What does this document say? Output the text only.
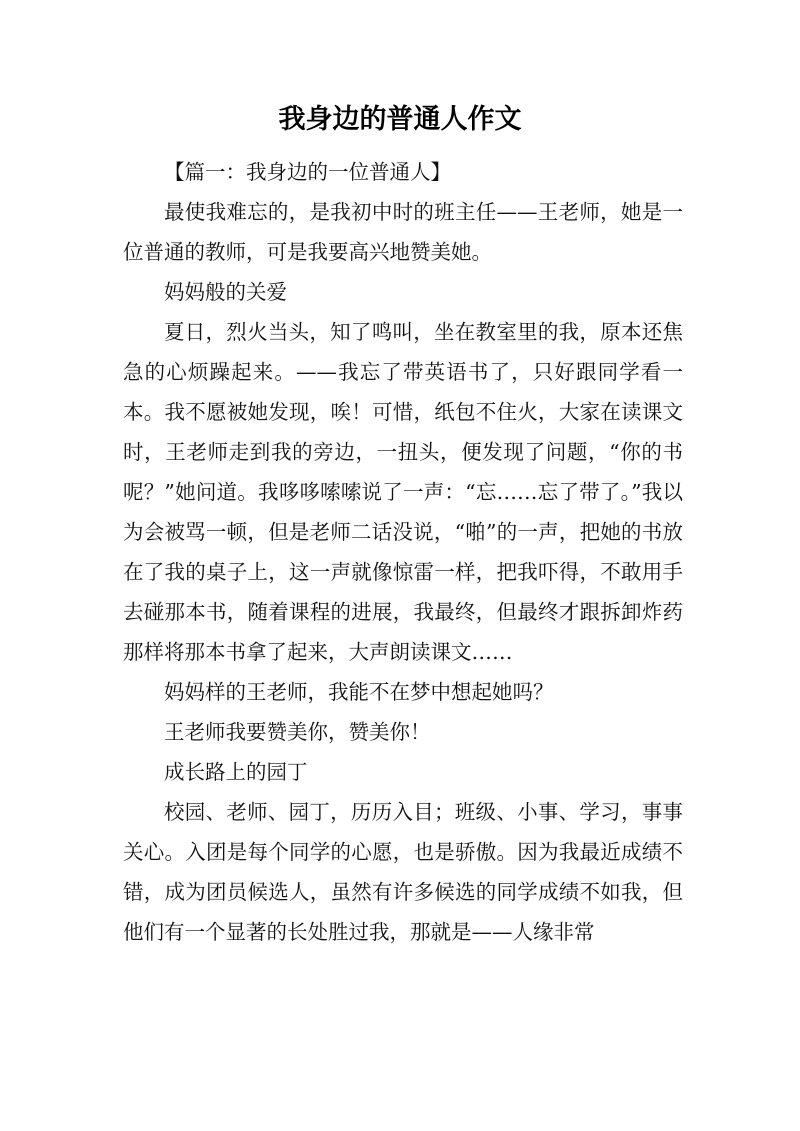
我身边的普通人作文

【篇一：我身边的一位普通人】

最使我难忘的，是我初中时的班主任——王老师，她是一位普通的教师，可是我要高兴地赞美她。

妈妈般的关爱

夏日，烈火当头，知了鸣叫，坐在教室里的我，原本还焦急的心烦躁起来。——我忘了带英语书了，只好跟同学看一本。我不愿被她发现，唉！可惜，纸包不住火，大家在读课文时，王老师走到我的旁边，一扭头，便发现了问题，“你的书呢？”她问道。我哆哆嗦嗦说了一声：“忘……忘了带了。”我以为会被骂一顿，但是老师二话没说，“啪”的一声，把她的书放在了我的桌子上，这一声就像惊雷一样，把我吓得，不敢用手去碰那本书，随着课程的进展，我最终，但最终才跟拆卸炸药那样将那本书拿了起来，大声朗读课文……

妈妈样的王老师，我能不在梦中想起她吗？

王老师我要赞美你，赞美你！

成长路上的园丁

校园、老师、园丁，历历入目；班级、小事、学习，事事关心。入团是每个同学的心愿，也是骄傲。因为我最近成绩不错，成为团员候选人，虽然有许多候选的同学成绩不如我，但他们有一个显著的长处胜过我，那就是——人缘非常
